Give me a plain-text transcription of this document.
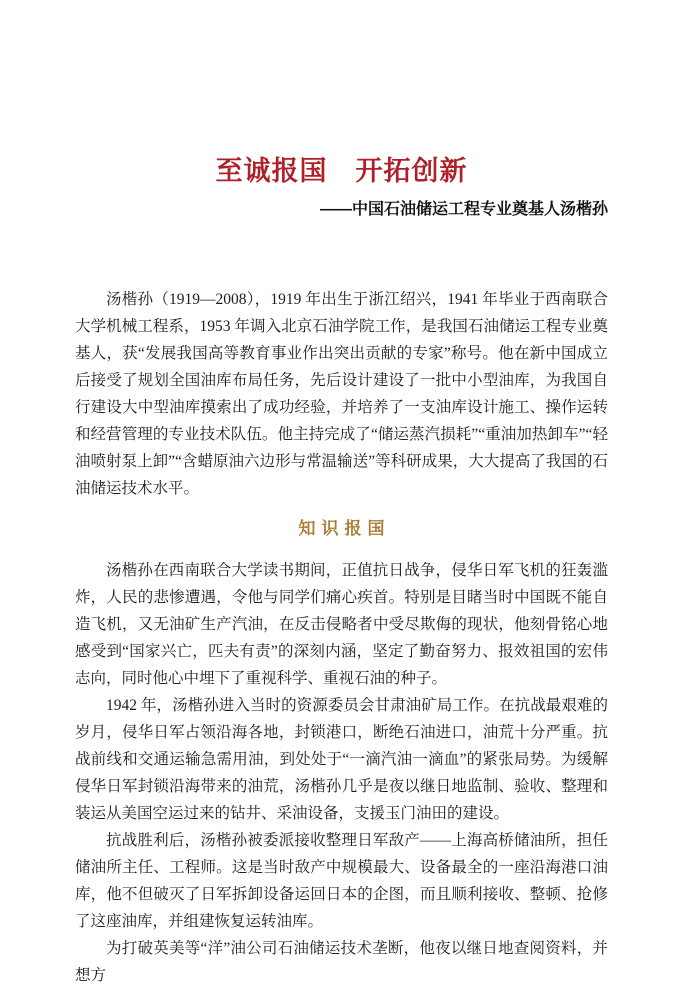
至诚报国　开拓创新
——中国石油储运工程专业奠基人汤楷孙

汤楷孙（1919—2008），1919 年出生于浙江绍兴，1941 年毕业于西南联合大学机械工程系，1953 年调入北京石油学院工作，是我国石油储运工程专业奠基人，获“发展我国高等教育事业作出突出贡献的专家”称号。他在新中国成立后接受了规划全国油库布局任务，先后设计建设了一批中小型油库，为我国自行建设大中型油库摸索出了成功经验，并培养了一支油库设计施工、操作运转和经营管理的专业技术队伍。他主持完成了“储运蒸汽损耗”“重油加热卸车”“轻油喷射泵上卸”“含蜡原油六边形与常温输送”等科研成果，大大提高了我国的石油储运技术水平。

知识报国

汤楷孙在西南联合大学读书期间，正值抗日战争，侵华日军飞机的狂轰滥炸，人民的悲惨遭遇，令他与同学们痛心疾首。特别是目睹当时中国既不能自造飞机，又无油矿生产汽油，在反击侵略者中受尽欺侮的现状，他刻骨铭心地感受到“国家兴亡，匹夫有责”的深刻内涵，坚定了勤奋努力、报效祖国的宏伟志向，同时他心中埋下了重视科学、重视石油的种子。

1942 年，汤楷孙进入当时的资源委员会甘肃油矿局工作。在抗战最艰难的岁月，侵华日军占领沿海各地，封锁港口，断绝石油进口，油荒十分严重。抗战前线和交通运输急需用油，到处处于“一滴汽油一滴血”的紧张局势。为缓解侵华日军封锁沿海带来的油荒，汤楷孙几乎是夜以继日地监制、验收、整理和装运从美国空运过来的钻井、采油设备，支援玉门油田的建设。

抗战胜利后，汤楷孙被委派接收整理日军敌产——上海高桥储油所，担任储油所主任、工程师。这是当时敌产中规模最大、设备最全的一座沿海港口油库，他不但破灭了日军拆卸设备运回日本的企图，而且顺利接收、整顿、抢修了这座油库，并组建恢复运转油库。

为打破英美等“洋”油公司石油储运技术垄断，他夜以继日地查阅资料，并想方
